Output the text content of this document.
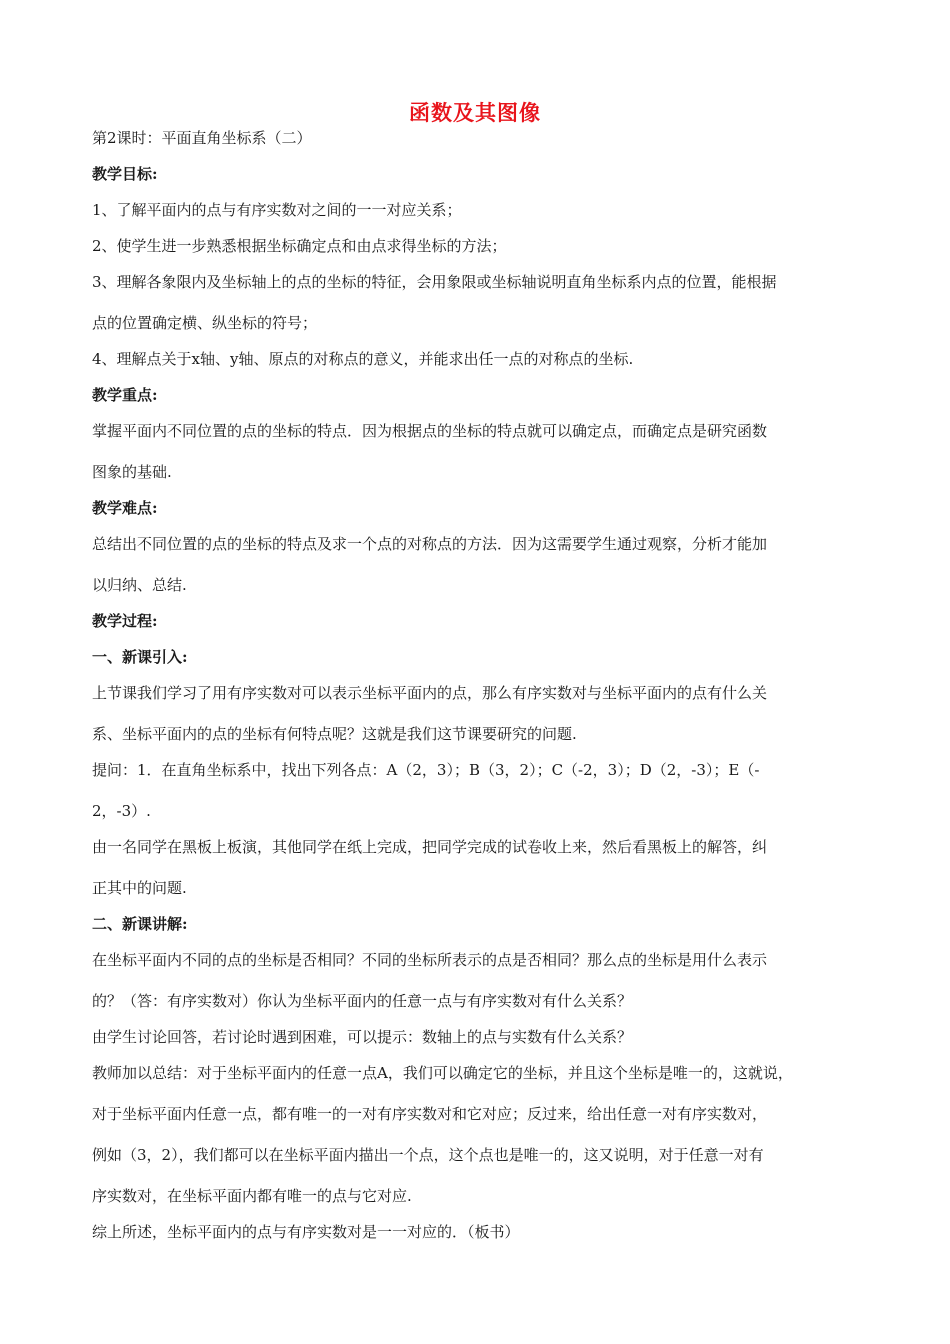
函数及其图像
第2课时：平面直角坐标系（二）
教学目标:
1、了解平面内的点与有序实数对之间的一一对应关系；
2、使学生进一步熟悉根据坐标确定点和由点求得坐标的方法；
3、理解各象限内及坐标轴上的点的坐标的特征，会用象限或坐标轴说明直角坐标系内点的位置，能根据
点的位置确定横、纵坐标的符号；
4、理解点关于x轴、y轴、原点的对称点的意义，并能求出任一点的对称点的坐标.
教学重点:
掌握平面内不同位置的点的坐标的特点．因为根据点的坐标的特点就可以确定点，而确定点是研究函数
图象的基础.
教学难点:
总结出不同位置的点的坐标的特点及求一个点的对称点的方法．因为这需要学生通过观察，分析才能加
以归纳、总结.
教学过程:
一、新课引入:
上节课我们学习了用有序实数对可以表示坐标平面内的点，那么有序实数对与坐标平面内的点有什么关
系、坐标平面内的点的坐标有何特点呢？这就是我们这节课要研究的问题.
提问：1．在直角坐标系中，找出下列各点：A（2，3）；B（3，2）；C（-2，3）；D（2，-3）；E（-
2，-3）.
由一名同学在黑板上板演，其他同学在纸上完成，把同学完成的试卷收上来，然后看黑板上的解答，纠
正其中的问题.
二、新课讲解:
在坐标平面内不同的点的坐标是否相同？不同的坐标所表示的点是否相同？那么点的坐标是用什么表示
的？（答：有序实数对）你认为坐标平面内的任意一点与有序实数对有什么关系？
由学生讨论回答，若讨论时遇到困难，可以提示：数轴上的点与实数有什么关系？
教师加以总结：对于坐标平面内的任意一点A，我们可以确定它的坐标，并且这个坐标是唯一的，这就说，
对于坐标平面内任意一点，都有唯一的一对有序实数对和它对应；反过来，给出任意一对有序实数对，
例如（3，2），我们都可以在坐标平面内描出一个点，这个点也是唯一的，这又说明，对于任意一对有
序实数对，在坐标平面内都有唯一的点与它对应.
综上所述，坐标平面内的点与有序实数对是一一对应的．（板书）
